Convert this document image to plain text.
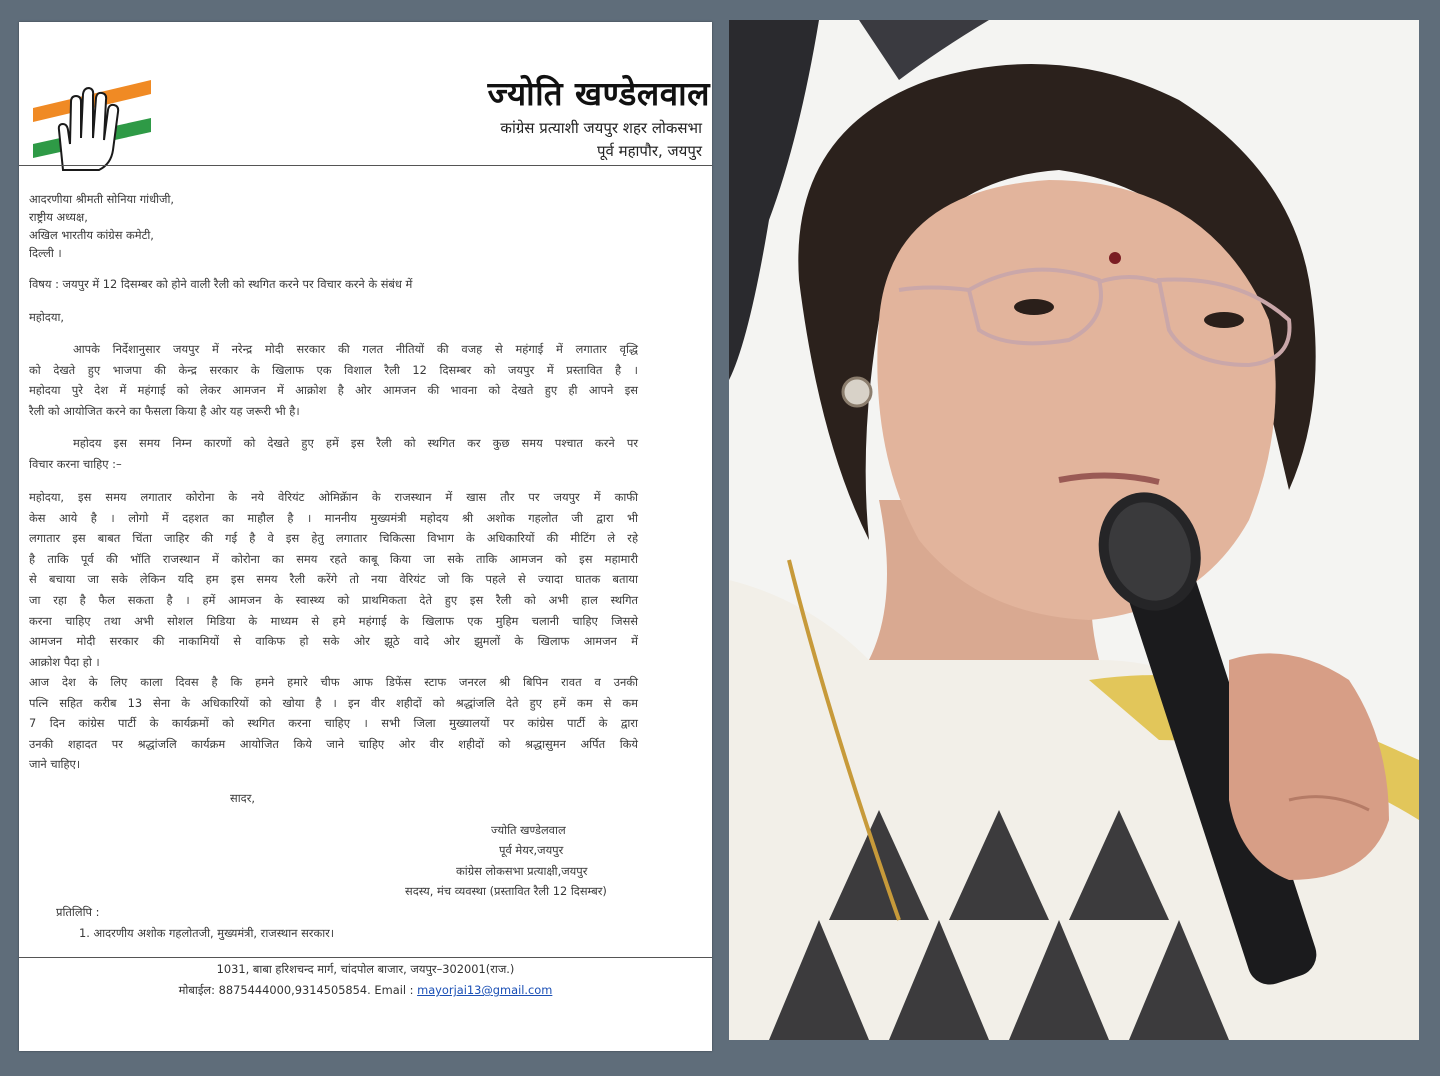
ज्योति खण्डेलवाल
कांग्रेस प्रत्याशी जयपुर शहर लोकसभा
पूर्व महापौर, जयपुर
आदरणीया श्रीमती सोनिया गांधीजी,
राष्ट्रीय अध्यक्ष,
अखिल भारतीय कांग्रेस कमेटी,
दिल्ली ।
विषय : जयपुर में 12 दिसम्बर को होने वाली रैली को स्थगित करने पर विचार करने के संबंध में
महोदया,
आपके निर्देशानुसार जयपुर में नरेन्द्र मोदी सरकार की गलत नीतियों की वजह से महंगाई में लगातार वृद्धि
को देखते हुए भाजपा की केन्द्र सरकार के खिलाफ एक विशाल रैली 12 दिसम्बर को जयपुर में प्रस्तावित है ।
महोदया पुरे देश में महंगाई को लेकर आमजन में आक्रोश है ओर आमजन की भावना को देखते हुए ही आपने इस
रैली को आयोजित करने का फैसला किया है ओर यह जरूरी भी है।
महोदय इस समय निम्न कारणों को देखते हुए हमें इस रैली को स्थगित कर कुछ समय पश्चात करने पर
विचार करना चाहिए :–
महोदया, इस समय लगातार कोरोना के नये वेरियंट ओमिक्रॅान के राजस्थान में खास तौर पर जयपुर में काफी
केस आये है । लोगो में दहशत का माहौल है । माननीय मुख्यमंत्री महोदय श्री अशोक गहलोत जी द्वारा भी
लगातार इस बाबत चिंता जाहिर की गई है वे इस हेतु लगातार चिकित्सा विभाग के अधिकारियों की मीटिंग ले रहे
है ताकि पूर्व की भॉति राजस्थान में कोरोना का समय रहते काबू किया जा सके ताकि आमजन को इस महामारी
से बचाया जा सके लेकिन यदि हम इस समय रैली करेंगे तो नया वेरियंट जो कि पहले से ज्यादा घातक बताया
जा रहा है फैल सकता है । हमें आमजन के स्वास्थ्य को प्राथमिकता देते हुए इस रैली को अभी हाल स्थगित
करना चाहिए तथा अभी सोशल मिडिया के माध्यम से हमे महंगाई के खिलाफ एक मुहिम चलानी चाहिए जिससे
आमजन मोदी सरकार की नाकामियों से वाकिफ हो सके ओर झूठे वादे ओर झुमलों के खिलाफ आमजन में
आक्रोश पैदा हो ।
आज देश के लिए काला दिवस है कि हमने हमारे चीफ आफ डिफेंस स्टाफ जनरल श्री बिपिन रावत व उनकी
पत्नि सहित करीब 13 सेना के अधिकारियों को खोया है । इन वीर शहीदों को श्रद्धांजलि देते हुए हमें कम से कम
7 दिन कांग्रेस पार्टी के कार्यक्रमों को स्थगित करना चाहिए । सभी जिला मुख्यालयों पर कांग्रेस पार्टी के द्वारा
उनकी शहादत पर श्रद्धांजलि कार्यक्रम आयोजित किये जाने चाहिए ओर वीर शहीदों को श्रद्धासुमन अर्पित किये
जाने चाहिए।
सादर,
ज्योति खण्डेलवाल
पूर्व मेयर,जयपुर
कांग्रेस लोकसभा प्रत्याक्षी,जयपुर
सदस्य, मंच व्यवस्था (प्रस्तावित रैली 12 दिसम्बर)
प्रतिलिपि :
1. आदरणीय अशोक गहलोतजी, मुख्यमंत्री, राजस्थान सरकार।
1031, बाबा हरिशचन्द मार्ग, चांदपोल बाजार, जयपुर–302001(राज.)
मोबाईल: 8875444000,9314505854. Email : mayorjai13@gmail.com
